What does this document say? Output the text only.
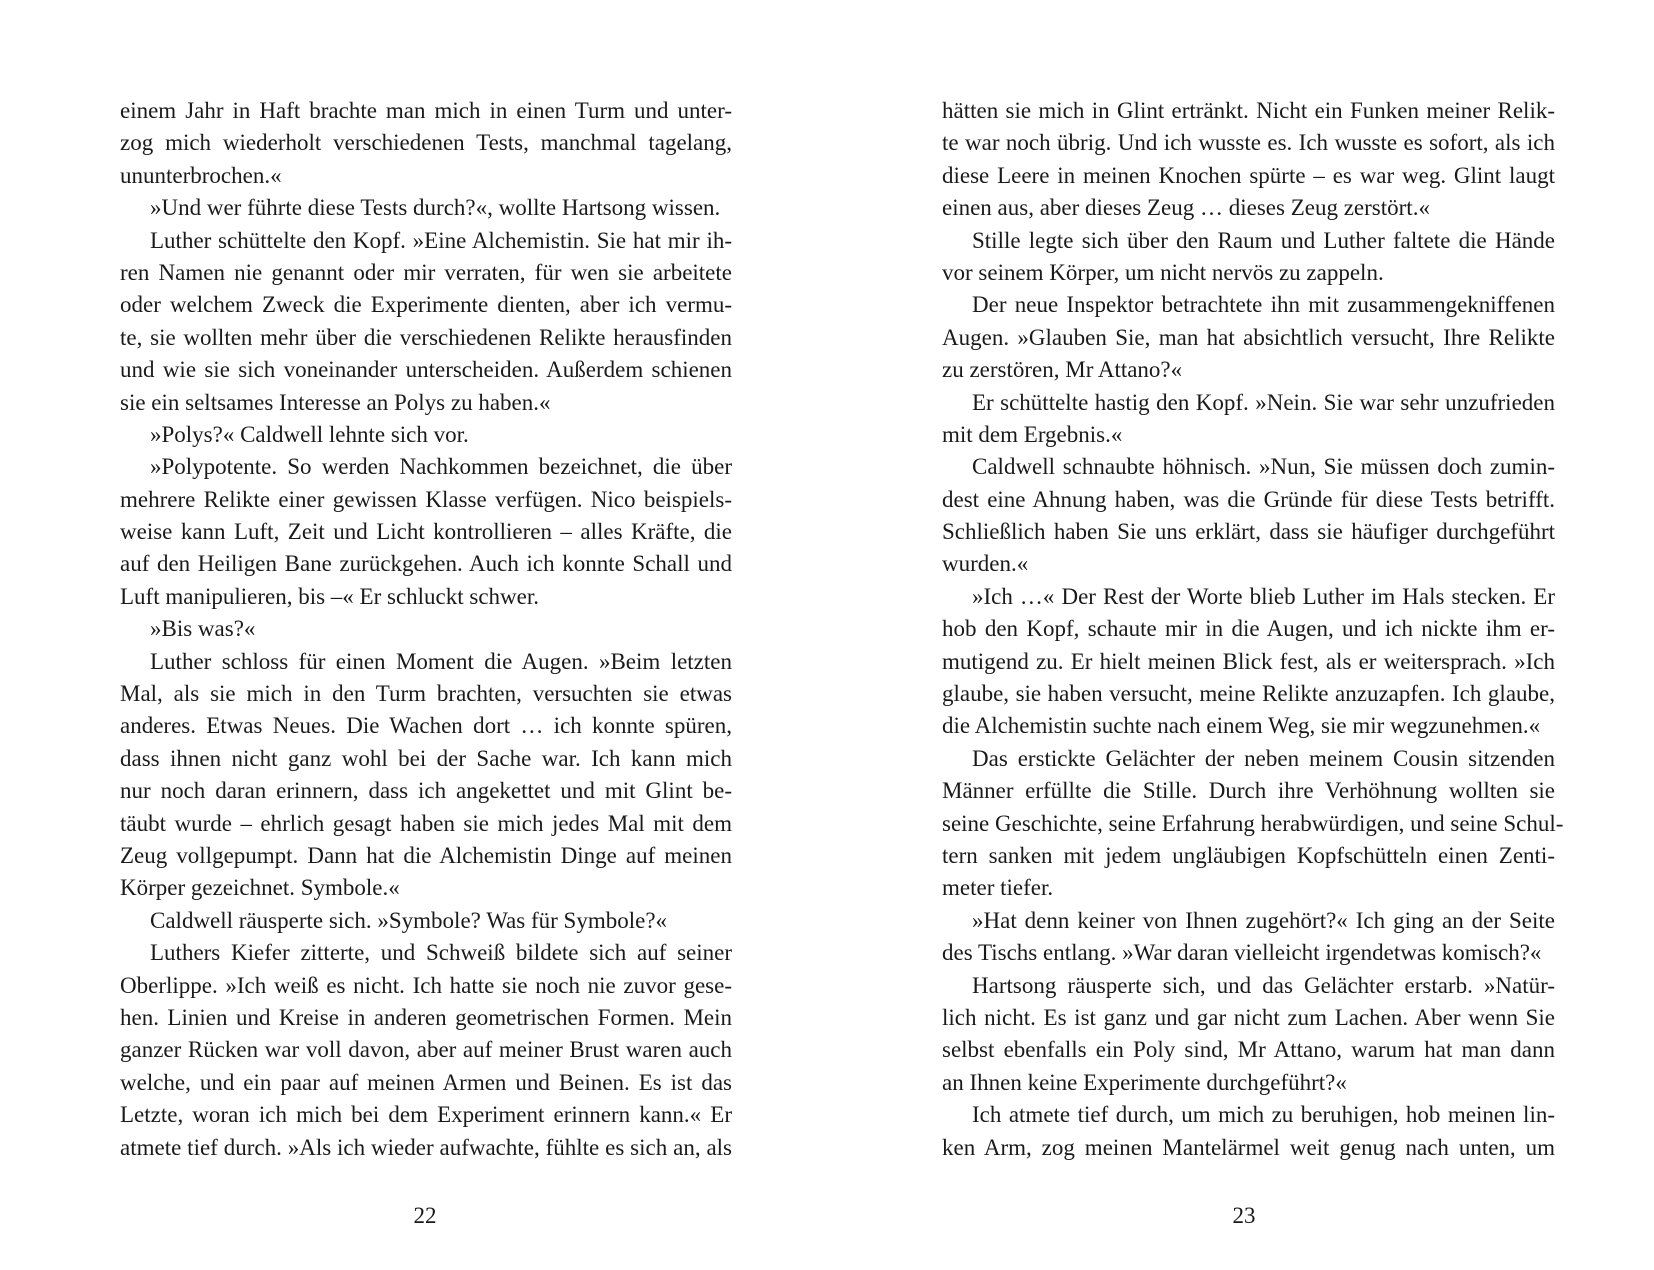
einem Jahr in Haft brachte man mich in einen Turm und unter-
zog mich wiederholt verschiedenen Tests, manchmal tagelang,
ununterbrochen.«
»Und wer führte diese Tests durch?«, wollte Hartsong wissen.
Luther schüttelte den Kopf. »Eine Alchemistin. Sie hat mir ih-
ren Namen nie genannt oder mir verraten, für wen sie arbeitete
oder welchem Zweck die Experimente dienten, aber ich vermu-
te, sie wollten mehr über die verschiedenen Relikte herausfinden
und wie sie sich voneinander unterscheiden. Außerdem schienen
sie ein seltsames Interesse an Polys zu haben.«
»Polys?« Caldwell lehnte sich vor.
»Polypotente. So werden Nachkommen bezeichnet, die über
mehrere Relikte einer gewissen Klasse verfügen. Nico beispiels-
weise kann Luft, Zeit und Licht kontrollieren – alles Kräfte, die
auf den Heiligen Bane zurückgehen. Auch ich konnte Schall und
Luft manipulieren, bis –« Er schluckt schwer.
»Bis was?«
Luther schloss für einen Moment die Augen. »Beim letzten
Mal, als sie mich in den Turm brachten, versuchten sie etwas
anderes. Etwas Neues. Die Wachen dort … ich konnte spüren,
dass ihnen nicht ganz wohl bei der Sache war. Ich kann mich
nur noch daran erinnern, dass ich angekettet und mit Glint be-
täubt wurde – ehrlich gesagt haben sie mich jedes Mal mit dem
Zeug vollgepumpt. Dann hat die Alchemistin Dinge auf meinen
Körper gezeichnet. Symbole.«
Caldwell räusperte sich. »Symbole? Was für Symbole?«
Luthers Kiefer zitterte, und Schweiß bildete sich auf seiner
Oberlippe. »Ich weiß es nicht. Ich hatte sie noch nie zuvor gese-
hen. Linien und Kreise in anderen geometrischen Formen. Mein
ganzer Rücken war voll davon, aber auf meiner Brust waren auch
welche, und ein paar auf meinen Armen und Beinen. Es ist das
Letzte, woran ich mich bei dem Experiment erinnern kann.« Er
atmete tief durch. »Als ich wieder aufwachte, fühlte es sich an, als
22
hätten sie mich in Glint ertränkt. Nicht ein Funken meiner Relik-
te war noch übrig. Und ich wusste es. Ich wusste es sofort, als ich
diese Leere in meinen Knochen spürte – es war weg. Glint laugt
einen aus, aber dieses Zeug … dieses Zeug zerstört.«
Stille legte sich über den Raum und Luther faltete die Hände
vor seinem Körper, um nicht nervös zu zappeln.
Der neue Inspektor betrachtete ihn mit zusammengekniffenen
Augen. »Glauben Sie, man hat absichtlich versucht, Ihre Relikte
zu zerstören, Mr Attano?«
Er schüttelte hastig den Kopf. »Nein. Sie war sehr unzufrieden
mit dem Ergebnis.«
Caldwell schnaubte höhnisch. »Nun, Sie müssen doch zumin-
dest eine Ahnung haben, was die Gründe für diese Tests betrifft.
Schließlich haben Sie uns erklärt, dass sie häufiger durchgeführt
wurden.«
»Ich …« Der Rest der Worte blieb Luther im Hals stecken. Er
hob den Kopf, schaute mir in die Augen, und ich nickte ihm er-
mutigend zu. Er hielt meinen Blick fest, als er weitersprach. »Ich
glaube, sie haben versucht, meine Relikte anzuzapfen. Ich glaube,
die Alchemistin suchte nach einem Weg, sie mir wegzunehmen.«
Das erstickte Gelächter der neben meinem Cousin sitzenden
Männer erfüllte die Stille. Durch ihre Verhöhnung wollten sie
seine Geschichte, seine Erfahrung herabwürdigen, und seine Schul-
tern sanken mit jedem ungläubigen Kopfschütteln einen Zenti-
meter tiefer.
»Hat denn keiner von Ihnen zugehört?« Ich ging an der Seite
des Tischs entlang. »War daran vielleicht irgendetwas komisch?«
Hartsong räusperte sich, und das Gelächter erstarb. »Natür-
lich nicht. Es ist ganz und gar nicht zum Lachen. Aber wenn Sie
selbst ebenfalls ein Poly sind, Mr Attano, warum hat man dann
an Ihnen keine Experimente durchgeführt?«
Ich atmete tief durch, um mich zu beruhigen, hob meinen lin-
ken Arm, zog meinen Mantelärmel weit genug nach unten, um
23
